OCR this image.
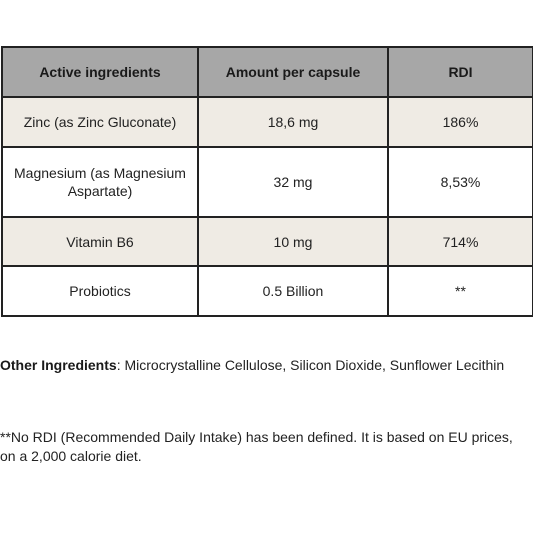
Active ingredients	Amount per capsule	RDI
Zinc (as Zinc Gluconate)	18,6 mg	186%
Magnesium (as Magnesium Aspartate)	32 mg	8,53%
Vitamin B6	10 mg	714%
Probiotics	0.5 Billion	**
Other Ingredients: Microcrystalline Cellulose, Silicon Dioxide, Sunflower Lecithin
**No RDI (Recommended Daily Intake) has been defined. It is based on EU prices, on a 2,000 calorie diet.
